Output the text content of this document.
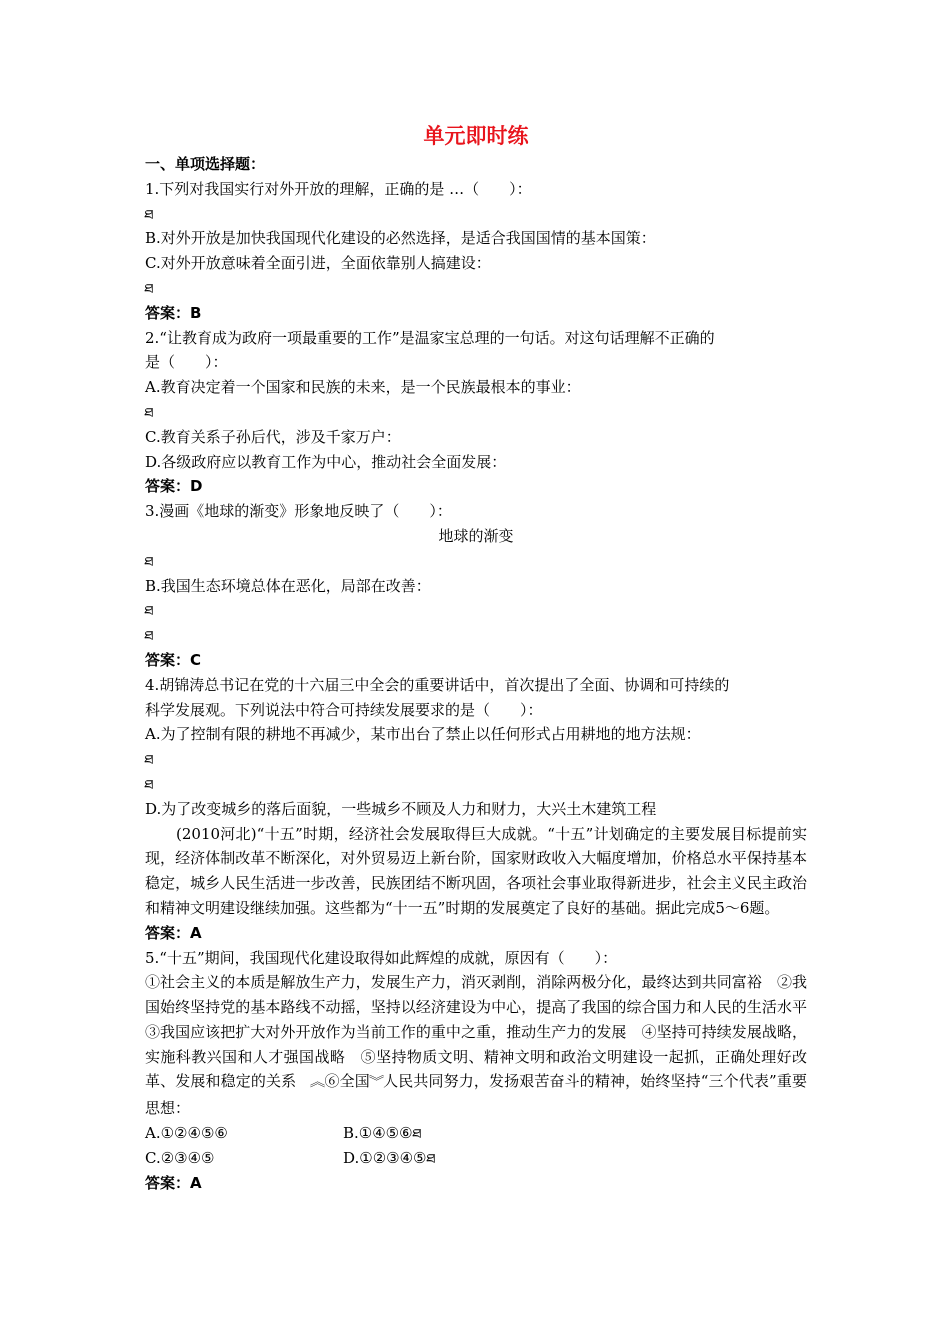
单元即时练
一、单项选择题：
1.下列对我国实行对外开放的理解，正确的是 …（　　）：
ཐ
B.对外开放是加快我国现代化建设的必然选择，是适合我国国情的基本国策：
C.对外开放意味着全面引进，全面依靠别人搞建设：
ཐ
答案：B
2.“让教育成为政府一项最重要的工作”是温家宝总理的一句话。对这句话理解不正确的
是（　　）：
A.教育决定着一个国家和民族的未来，是一个民族最根本的事业：
ཐ
C.教育关系子孙后代，涉及千家万户：
D.各级政府应以教育工作为中心，推动社会全面发展：
答案：D
3.漫画《地球的渐变》形象地反映了（　　）：
地球的渐变
ཐ
B.我国生态环境总体在恶化，局部在改善：
ཐ
ཐ
答案：C
4.胡锦涛总书记在党的十六届三中全会的重要讲话中，首次提出了全面、协调和可持续的
科学发展观。下列说法中符合可持续发展要求的是（　　）：
A.为了控制有限的耕地不再减少，某市出台了禁止以任何形式占用耕地的地方法规：
ཐ
ཐ
D.为了改变城乡的落后面貌，一些城乡不顾及人力和财力，大兴土木建筑工程
(2010河北)“十五”时期，经济社会发展取得巨大成就。“十五”计划确定的主要发展目标提前实现，经济体制改革不断深化，对外贸易迈上新台阶，国家财政收入大幅度增加，价格总水平保持基本稳定，城乡人民生活进一步改善，民族团结不断巩固，各项社会事业取得新进步，社会主义民主政治和精神文明建设继续加强。这些都为“十一五”时期的发展奠定了良好的基础。据此完成5～6题。
答案：A
5.“十五”期间，我国现代化建设取得如此辉煌的成就，原因有（　　）：
①社会主义的本质是解放生产力，发展生产力，消灭剥削，消除两极分化，最终达到共同富裕　②我国始终坚持党的基本路线不动摇，坚持以经济建设为中心，提高了我国的综合国力和人民的生活水平　③我国应该把扩大对外开放作为当前工作的重中之重，推动生产力的发展　④坚持可持续发展战略，实施科教兴国和人才强国战略　⑤坚持物质文明、精神文明和政治文明建设一起抓，正确处理好改革、发展和稳定的关系　︽⑥全国︾人民共同努力，发扬艰苦奋斗的精神，始终坚持“三个代表”重要思想：
A.①②④⑤⑥	B.①④⑤⑥ཐ
C.②③④⑤	D.①②③④⑤ཐ
答案：A
